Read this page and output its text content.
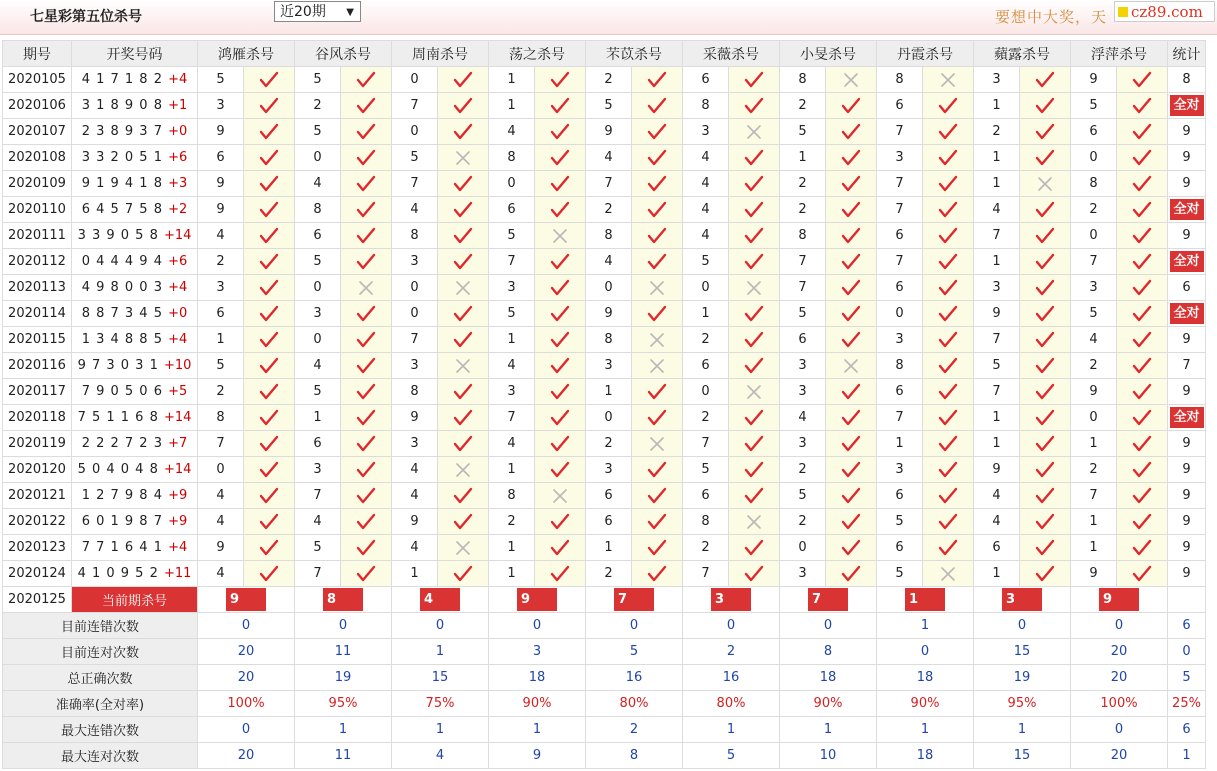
七星彩第五位杀号	近20期 ▼	要想中大奖，天 cz89.com
期号	开奖号码	鸿雁杀号		谷风杀号		周南杀号		荡之杀号		芣苡杀号		采薇杀号		小旻杀号		丹霞杀号		蘋露杀号		浮萍杀号		统计
2020105	4 1 7 1 8 2 +4	5		5		0		1		2		6		8		8		3		9		8
2020106	3 1 8 9 0 8 +1	3		2		7		1		5		8		2		6		1		5		全对
2020107	2 3 8 9 3 7 +0	9		5		0		4		9		3		5		7		2		6		9
2020108	3 3 2 0 5 1 +6	6		0		5		8		4		4		1		3		1		0		9
2020109	9 1 9 4 1 8 +3	9		4		7		0		7		4		2		7		1		8		9
2020110	6 4 5 7 5 8 +2	9		8		4		6		2		4		2		7		4		2		全对
2020111	3 3 9 0 5 8 +14	4		6		8		5		8		4		8		6		7		0		9
2020112	0 4 4 4 9 4 +6	2		5		3		7		4		5		7		7		1		7		全对
2020113	4 9 8 0 0 3 +4	3		0		0		3		0		0		7		6		3		3		6
2020114	8 8 7 3 4 5 +0	6		3		0		5		9		1		5		0		9		5		全对
2020115	1 3 4 8 8 5 +4	1		0		7		1		8		2		6		3		7		4		9
2020116	9 7 3 0 3 1 +10	5		4		3		4		3		6		3		8		5		2		7
2020117	7 9 0 5 0 6 +5	2		5		8		3		1		0		3		6		7		9		9
2020118	7 5 1 1 6 8 +14	8		1		9		7		0		2		4		7		1		0		全对
2020119	2 2 2 7 2 3 +7	7		6		3		4		2		7		3		1		1		1		9
2020120	5 0 4 0 4 8 +14	0		3		4		1		3		5		2		3		9		2		9
2020121	1 2 7 9 8 4 +9	4		7		4		8		6		6		5		6		4		7		9
2020122	6 0 1 9 8 7 +9	4		4		9		2		6		8		2		5		4		1		9
2020123	7 7 1 6 4 1 +4	9		5		4		1		1		2		0		6		6		1		9
2020124	4 1 0 9 5 2 +11	4		7		1		1		2		7		3		5		1		9		9
2020125	当前期杀号	9		8		4		9		7		3		7		1		3		9		
目前连错次数		0		0		0		0		0		0		0		1		0		0		6
目前连对次数		20		11		1		3		5		2		8		0		15		20		0
总正确次数		20		19		15		18		16		16		18		18		19		20		5
准确率(全对率)		100%		95%		75%		90%		80%		80%		90%		90%		95%		100%		25%
最大连错次数		0		1		1		1		2		1		1		1		1		0		6
最大连对次数		20		11		4		9		8		5		10		18		15		20		1
